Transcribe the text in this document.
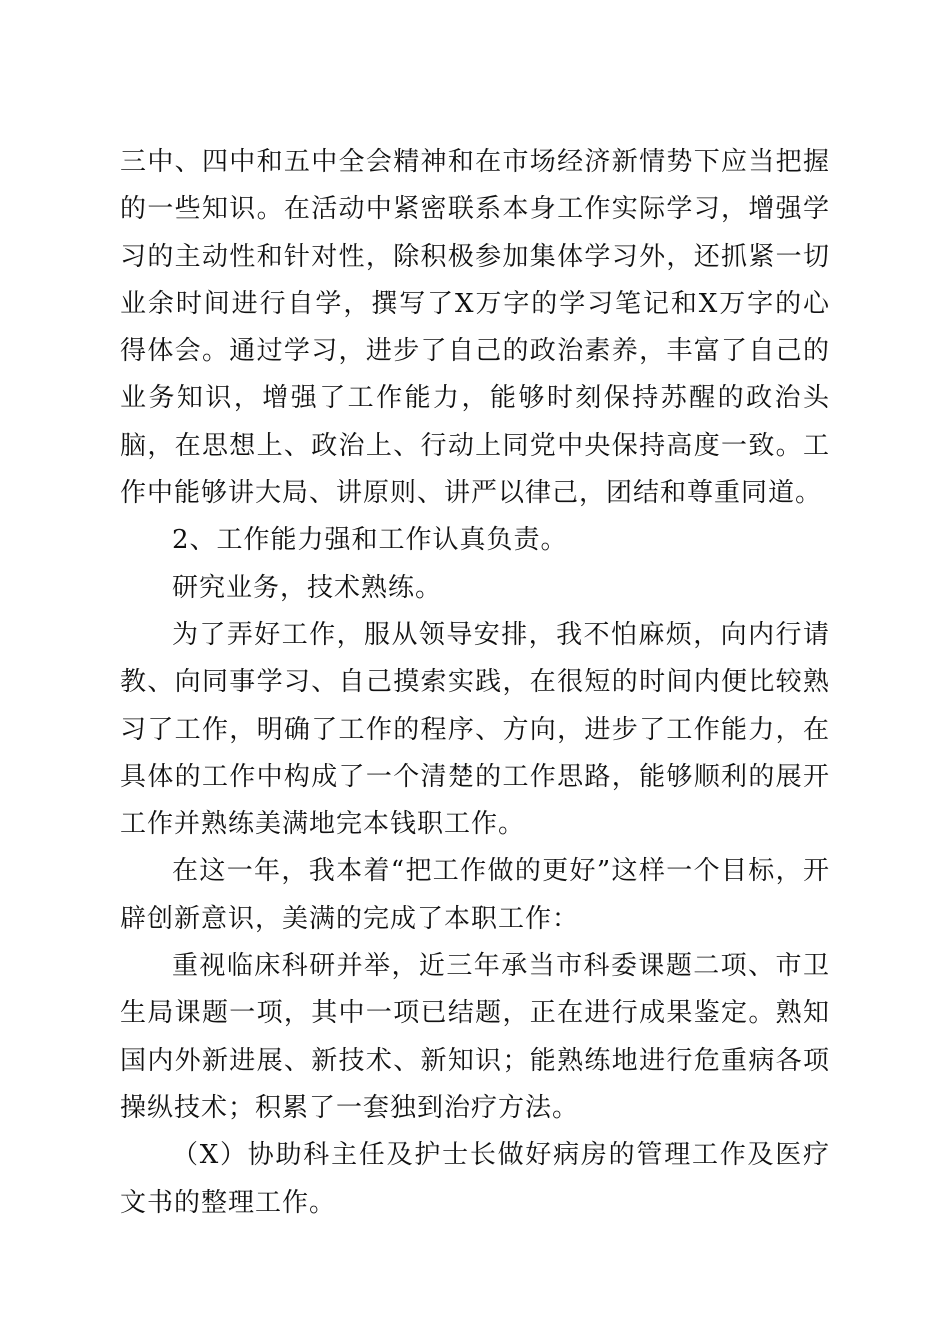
三中、四中和五中全会精神和在市场经济新情势下应当把握的一些知识。在活动中紧密联系本身工作实际学习，增强学习的主动性和针对性，除积极参加集体学习外，还抓紧一切业余时间进行自学，撰写了X万字的学习笔记和X万字的心得体会。通过学习，进步了自己的政治素养，丰富了自己的业务知识，增强了工作能力，能够时刻保持苏醒的政治头脑，在思想上、政治上、行动上同党中央保持高度一致。工作中能够讲大局、讲原则、讲严以律己，团结和尊重同道。

2、工作能力强和工作认真负责。

研究业务，技术熟练。

为了弄好工作，服从领导安排，我不怕麻烦，向内行请教、向同事学习、自己摸索实践，在很短的时间内便比较熟习了工作，明确了工作的程序、方向，进步了工作能力，在具体的工作中构成了一个清楚的工作思路，能够顺利的展开工作并熟练美满地完本钱职工作。

在这一年，我本着“把工作做的更好”这样一个目标，开辟创新意识，美满的完成了本职工作：

重视临床科研并举，近三年承当市科委课题二项、市卫生局课题一项，其中一项已结题，正在进行成果鉴定。熟知国内外新进展、新技术、新知识；能熟练地进行危重病各项操纵技术；积累了一套独到治疗方法。

（X）协助科主任及护士长做好病房的管理工作及医疗文书的整理工作。
